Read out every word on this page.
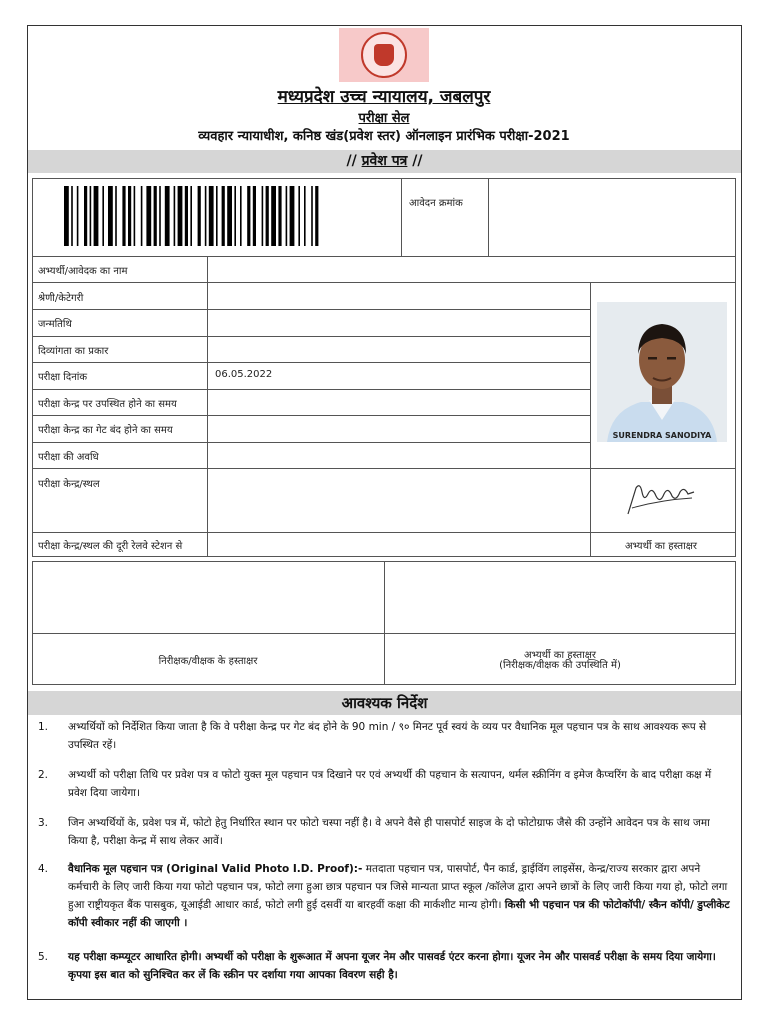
मध्यप्रदेश उच्च न्यायालय, जबलपुर
परीक्षा सेल
व्यवहार न्यायाधीश, कनिष्ठ खंड(प्रवेश स्तर) ऑनलाइन प्रारंभिक परीक्षा-2021
// प्रवेश पत्र //
आवेदन क्रमांक
अभ्यर्थी/आवेदक का नाम
श्रेणी/केटेगरी
जन्मतिथि
दिव्यांगता का प्रकार
परीक्षा दिनांक	06.05.2022
परीक्षा केन्द्र पर उपस्थित होने का समय
परीक्षा केन्द्र का गेट बंद होने का समय
परीक्षा की अवधि
परीक्षा केन्द्र/स्थल
परीक्षा केन्द्र/स्थल की दूरी रेलवे स्टेशन से
SURENDRA SANODIYA
अभ्यर्थी का हस्ताक्षर
निरीक्षक/वीक्षक के हस्ताक्षर
अभ्यर्थी का हस्ताक्षर
(निरीक्षक/वीक्षक की उपस्थिति में)
आवश्यक निर्देश
1. अभ्यर्थियों को निर्देशित किया जाता है कि वे परीक्षा केन्द्र पर गेट बंद होने के 90 min / ९० मिनट पूर्व स्वयं के व्यय पर वैधानिक मूल पहचान पत्र के साथ आवश्यक रूप से उपस्थित रहें।
2. अभ्यर्थी को परीक्षा तिथि पर प्रवेश पत्र व फोटो युक्त मूल पहचान पत्र दिखाने पर एवं अभ्यर्थी की पहचान के सत्यापन, थर्मल स्क्रीनिंग व इमेज कैप्चरिंग के बाद परीक्षा कक्ष में प्रवेश दिया जायेगा।
3. जिन अभ्यर्थियों के, प्रवेश पत्र में, फोटो हेतु निर्धारित स्थान पर फोटो चस्पा नहीं है। वे अपने वैसे ही पासपोर्ट साइज के दो फोटोग्राफ जैसे की उन्होंने आवेदन पत्र के साथ जमा किया है, परीक्षा केन्द्र में साथ लेकर आवें।
4. वैधानिक मूल पहचान पत्र (Original Valid Photo I.D. Proof):- मतदाता पहचान पत्र, पासपोर्ट, पैन कार्ड, ड्राईविंग लाइसेंस, केन्द्र/राज्य सरकार द्वारा अपने कर्मचारी के लिए जारी किया गया फोटो पहचान पत्र, फोटो लगा हुआ छात्र पहचान पत्र जिसे मान्यता प्राप्त स्कूल /कॉलेज द्वारा अपने छात्रों के लिए जारी किया गया हो, फोटो लगा हुआ राष्ट्रीयकृत बैंक पासबुक, यूआईडी आधार कार्ड, फोटो लगी हुई दसवीं या बारहवीं कक्षा की मार्कशीट मान्य होगी। किसी भी पहचान पत्र की फोटोकॉपी/ स्कैन कॉपी/ डुप्लीकेट कॉपी स्वीकार नहीं की जाएगी ।
5. यह परीक्षा कम्प्यूटर आधारित होगी। अभ्यर्थी को परीक्षा के शुरूआत में अपना यूजर नेम और पासवर्ड एंटर करना होगा। यूजर नेम और पासवर्ड परीक्षा के समय दिया जायेगा। कृपया इस बात को सुनिश्चित कर लें कि स्क्रीन पर दर्शाया गया आपका विवरण सही है।
